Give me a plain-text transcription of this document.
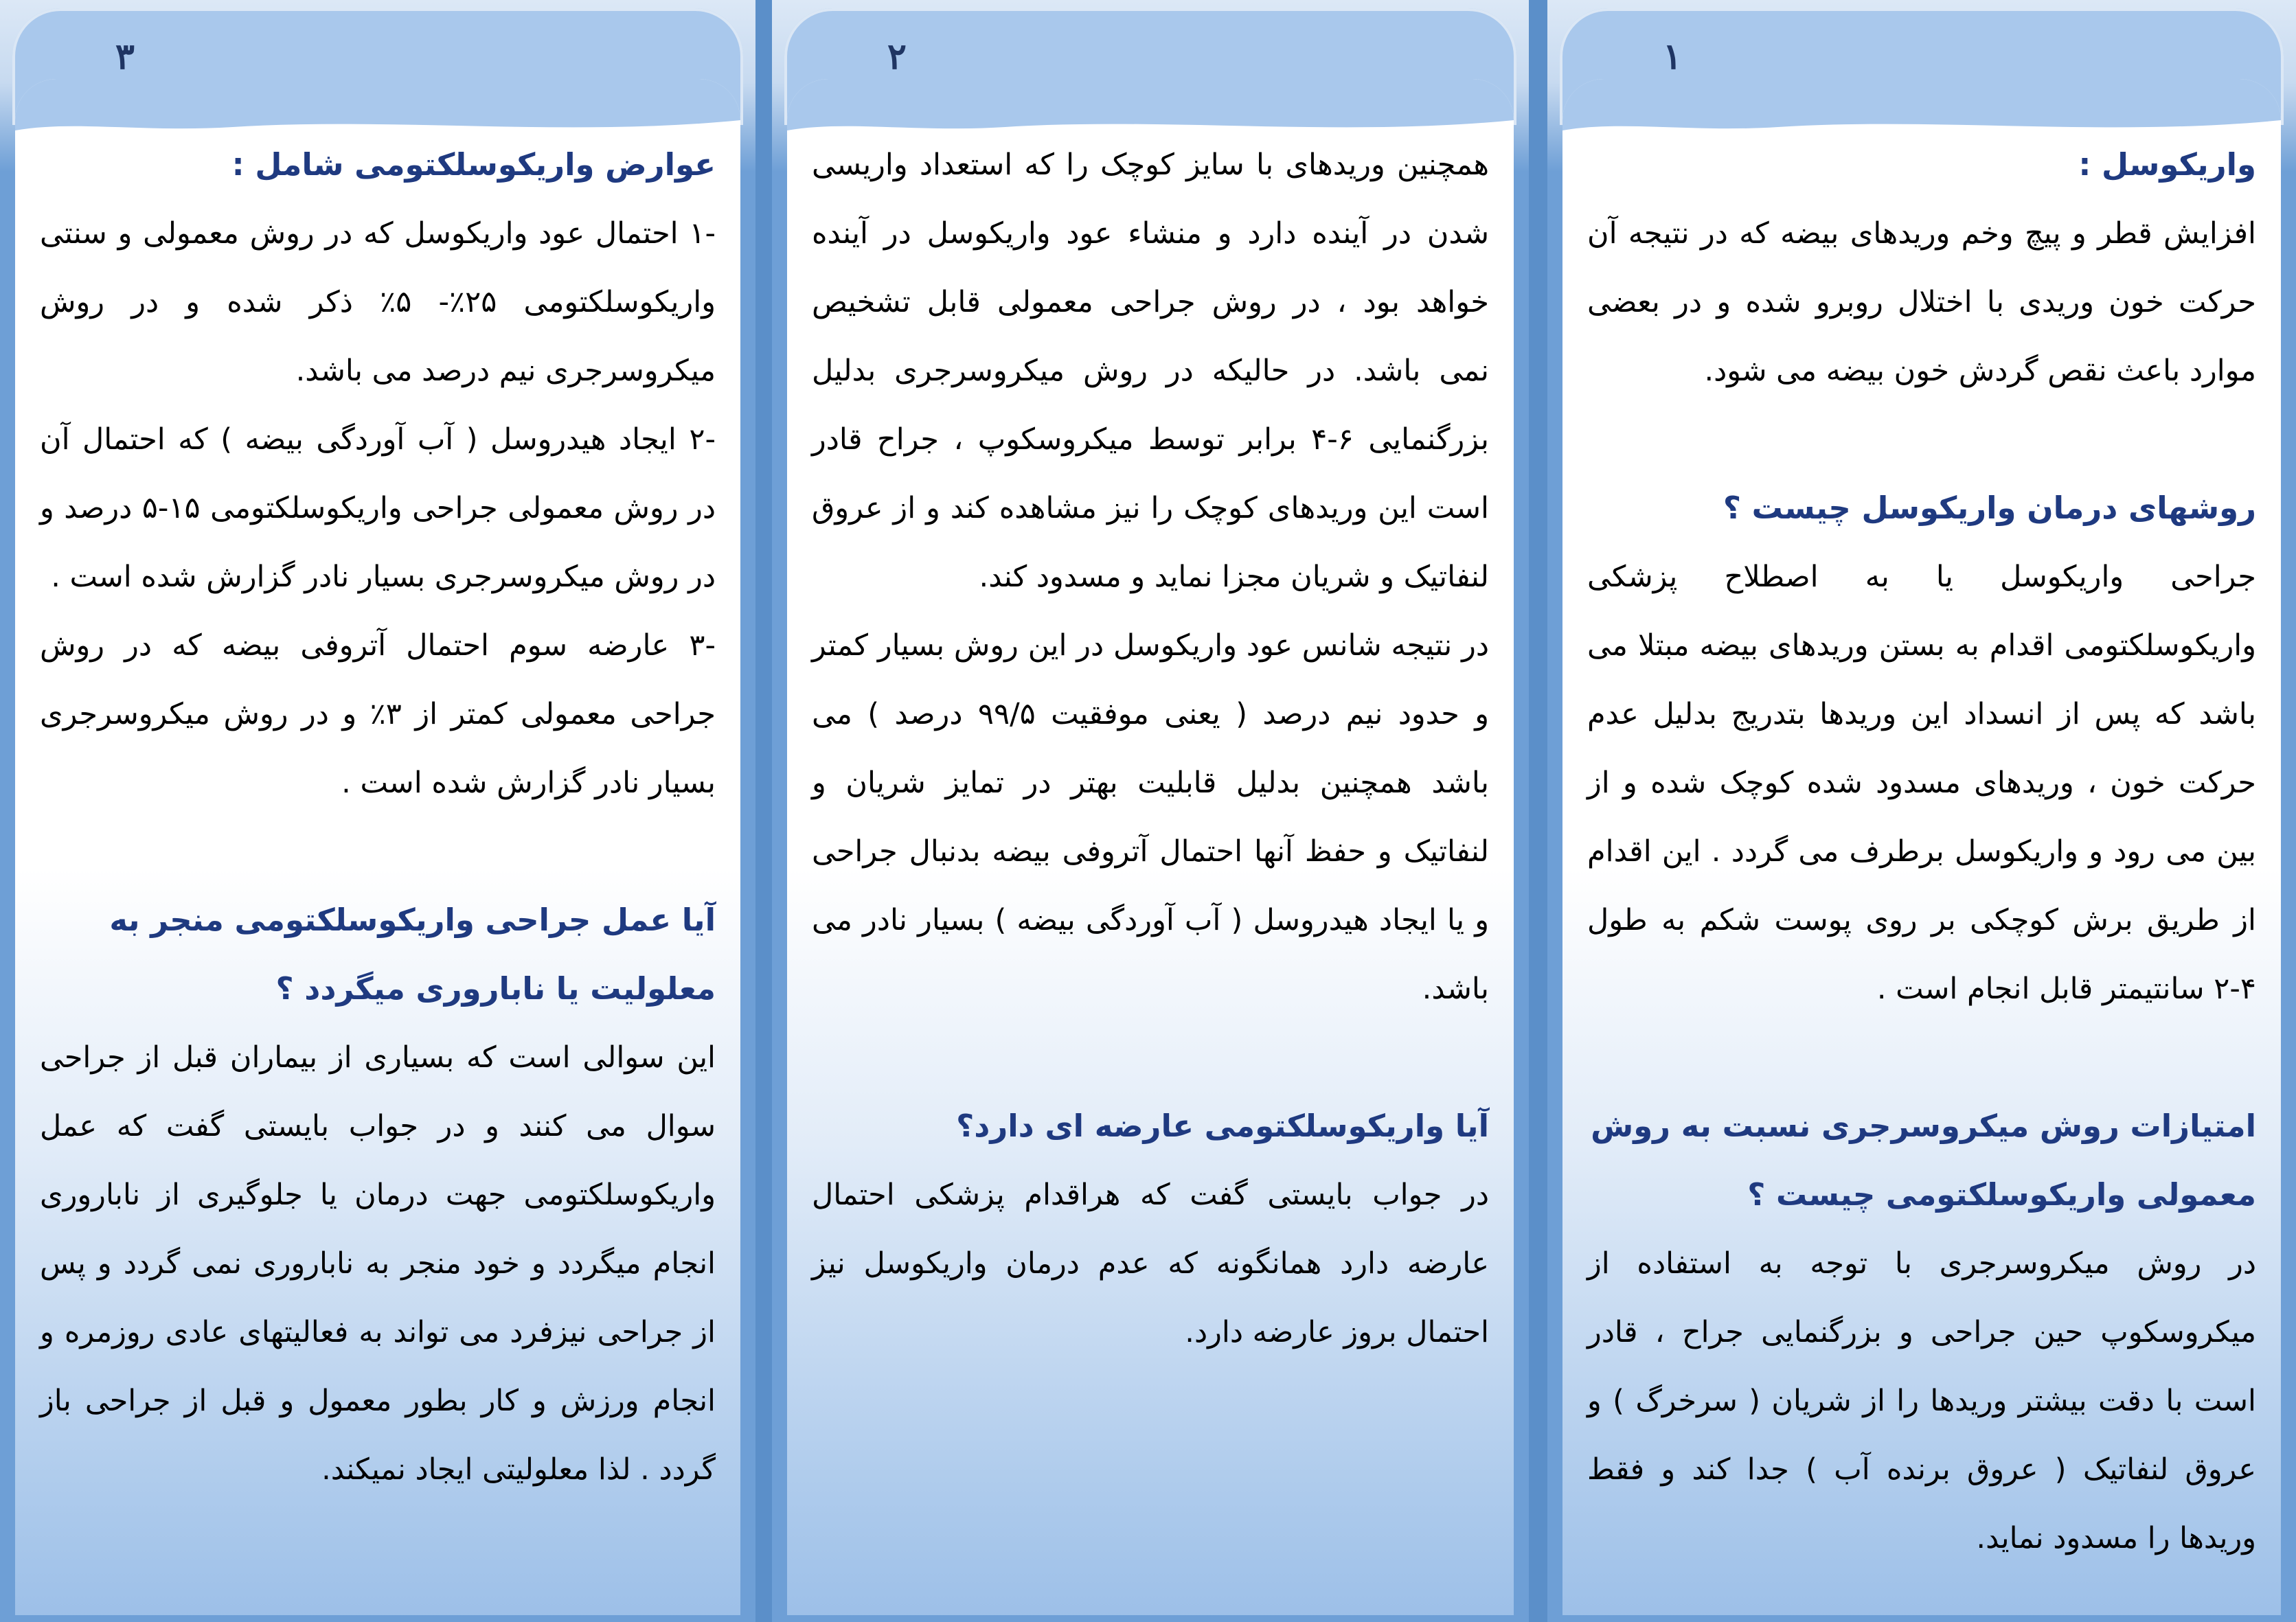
۱
واریکوسل :

افزایش قطر و پیچ وخم وریدهای بیضه که در نتیجه آن حرکت خون وریدی با اختلال روبرو شده و در بعضی موارد باعث نقص گردش خون بیضه می شود.

روشهای درمان واریکوسل چیست ؟

جراحی واریکوسل یا به اصطلاح پزشکی واریکوسلکتومی اقدام به بستن وریدهای بیضه مبتلا می باشد که پس از انسداد این وریدها بتدریج بدلیل عدم حرکت خون ، وریدهای مسدود شده کوچک شده و از بین می رود و واریکوسل برطرف می گردد . این اقدام از طریق برش کوچکی بر روی پوست شکم به طول ۴-۲ سانتیمتر قابل انجام است .

امتیازات روش میکروسرجری نسبت به روش معمولی واریکوسلکتومی چیست ؟

در روش میکروسرجری با توجه به استفاده از میکروسکوپ حین جراحی و بزرگنمایی جراح ، قادر است با دقت بیشتر وریدها را از شریان ( سرخرگ ) و عروق لنفاتیک ( عروق برنده آب ) جدا کند و فقط وریدها را مسدود نماید.

۲

همچنین وریدهای با سایز کوچک را که استعداد واریسی شدن در آینده دارد و منشاء عود واریکوسل در آینده خواهد بود ، در روش جراحی معمولی قابل تشخیص نمی باشد. در حالیکه در روش میکروسرجری بدلیل بزرگنمایی ۶-۴ برابر توسط میکروسکوپ ، جراح قادر است این وریدهای کوچک را نیز مشاهده کند و از عروق لنفاتیک و شریان مجزا نماید و مسدود کند.

در نتیجه شانس عود واریکوسل در این روش بسیار کمتر و حدود نیم درصد ( یعنی موفقیت ۹۹/۵ درصد ) می باشد همچنین بدلیل قابلیت بهتر در تمایز شریان و لنفاتیک و حفظ آنها احتمال آتروفی بیضه بدنبال جراحی و یا ایجاد هیدروسل ( آب آوردگی بیضه ) بسیار نادر می باشد.

آیا واریکوسلکتومی عارضه ای دارد؟

در جواب بایستی گفت که هراقدام پزشکی احتمال عارضه دارد همانگونه که عدم درمان واریکوسل نیز احتمال بروز عارضه دارد.

۳
عوارض واریکوسلکتومی شامل :

-۱ احتمال عود واریکوسل که در روش معمولی و سنتی واریکوسلکتومی ۲۵٪- ۵٪ ذکر شده و در روش میکروسرجری نیم درصد می باشد.

-۲ ایجاد هیدروسل ( آب آوردگی بیضه ) که احتمال آن در روش معمولی جراحی واریکوسلکتومی ۱۵-۵ درصد و در روش میکروسرجری بسیار نادر گزارش شده است .

-۳ عارضه سوم احتمال آتروفی بیضه که در روش جراحی معمولی کمتر از ۳٪ و در روش میکروسرجری بسیار نادر گزارش شده است .

آیا عمل جراحی واریکوسلکتومی منجر به معلولیت یا ناباروری میگردد ؟

این سوالی است که بسیاری از بیماران قبل از جراحی سوال می کنند و در جواب بایستی گفت که عمل واریکوسلکتومی جهت درمان یا جلوگیری از ناباروری انجام میگردد و خود منجر به ناباروری نمی گردد و پس از جراحی نیزفرد می تواند به فعالیتهای عادی روزمره و انجام ورزش و کار بطور معمول و قبل از جراحی باز گردد . لذا معلولیتی ایجاد نمیکند.
